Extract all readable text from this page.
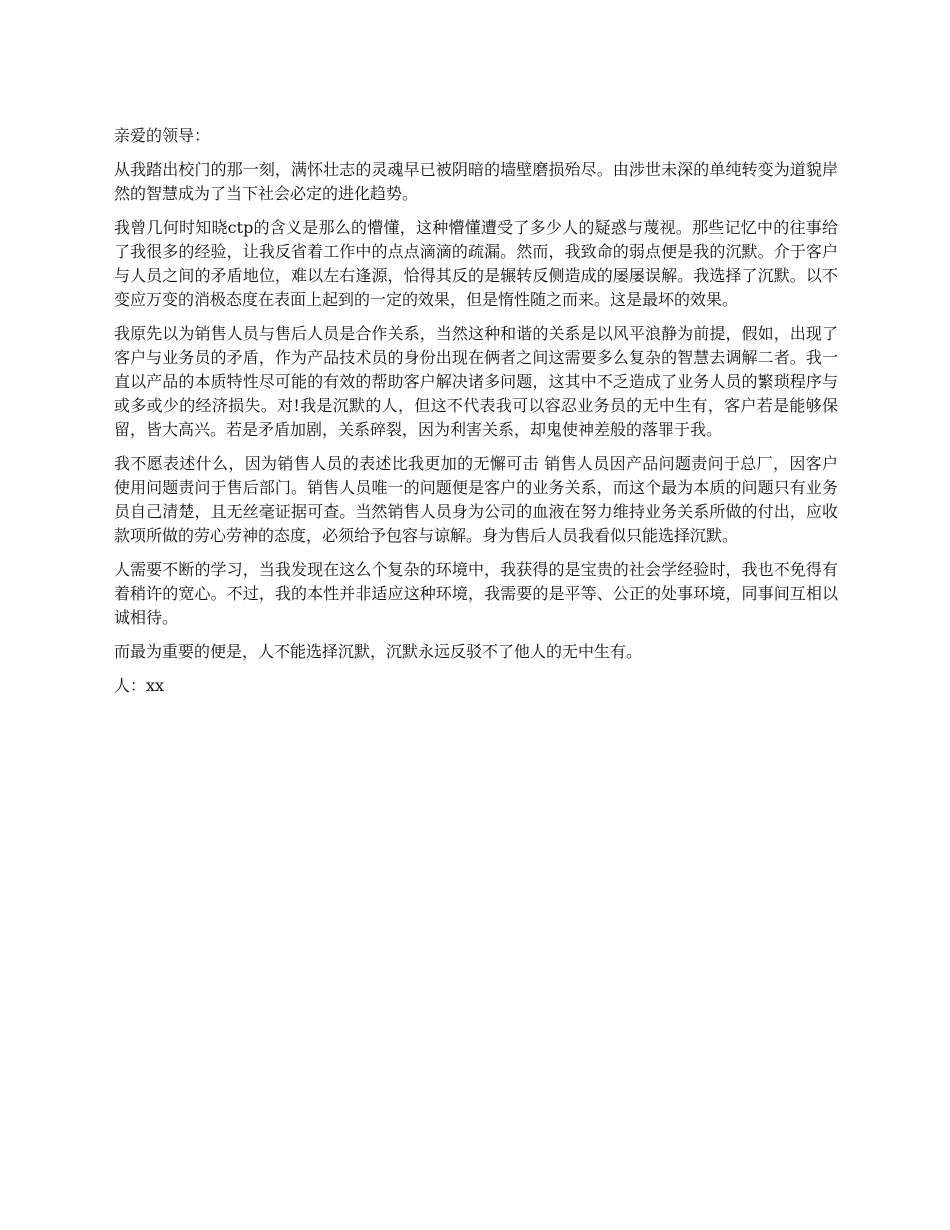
亲爱的领导：

从我踏出校门的那一刻，满怀壮志的灵魂早已被阴暗的墙壁磨损殆尽。由涉世未深的单纯转变为道貌岸然的智慧成为了当下社会必定的进化趋势。

我曾几何时知晓ctp的含义是那么的懵懂，这种懵懂遭受了多少人的疑惑与蔑视。那些记忆中的往事给了我很多的经验，让我反省着工作中的点点滴滴的疏漏。然而，我致命的弱点便是我的沉默。介于客户与人员之间的矛盾地位，难以左右逢源，恰得其反的是辗转反侧造成的屡屡误解。我选择了沉默。以不变应万变的消极态度在表面上起到的一定的效果，但是惰性随之而来。这是最坏的效果。

我原先以为销售人员与售后人员是合作关系，当然这种和谐的关系是以风平浪静为前提，假如，出现了客户与业务员的矛盾，作为产品技术员的身份出现在俩者之间这需要多么复杂的智慧去调解二者。我一直以产品的本质特性尽可能的有效的帮助客户解决诸多问题，这其中不乏造成了业务人员的繁琐程序与或多或少的经济损失。对!我是沉默的人，但这不代表我可以容忍业务员的无中生有，客户若是能够保留，皆大高兴。若是矛盾加剧，关系碎裂，因为利害关系，却鬼使神差般的落罪于我。

我不愿表述什么，因为销售人员的表述比我更加的无懈可击 销售人员因产品问题责问于总厂，因客户使用问题责问于售后部门。销售人员唯一的问题便是客户的业务关系，而这个最为本质的问题只有业务员自己清楚，且无丝毫证据可查。当然销售人员身为公司的血液在努力维持业务关系所做的付出，应收款项所做的劳心劳神的态度，必须给予包容与谅解。身为售后人员我看似只能选择沉默。

人需要不断的学习，当我发现在这么个复杂的环境中，我获得的是宝贵的社会学经验时，我也不免得有着稍许的宽心。不过，我的本性并非适应这种环境，我需要的是平等、公正的处事环境，同事间互相以诚相待。

而最为重要的便是，人不能选择沉默，沉默永远反驳不了他人的无中生有。

人：xx
